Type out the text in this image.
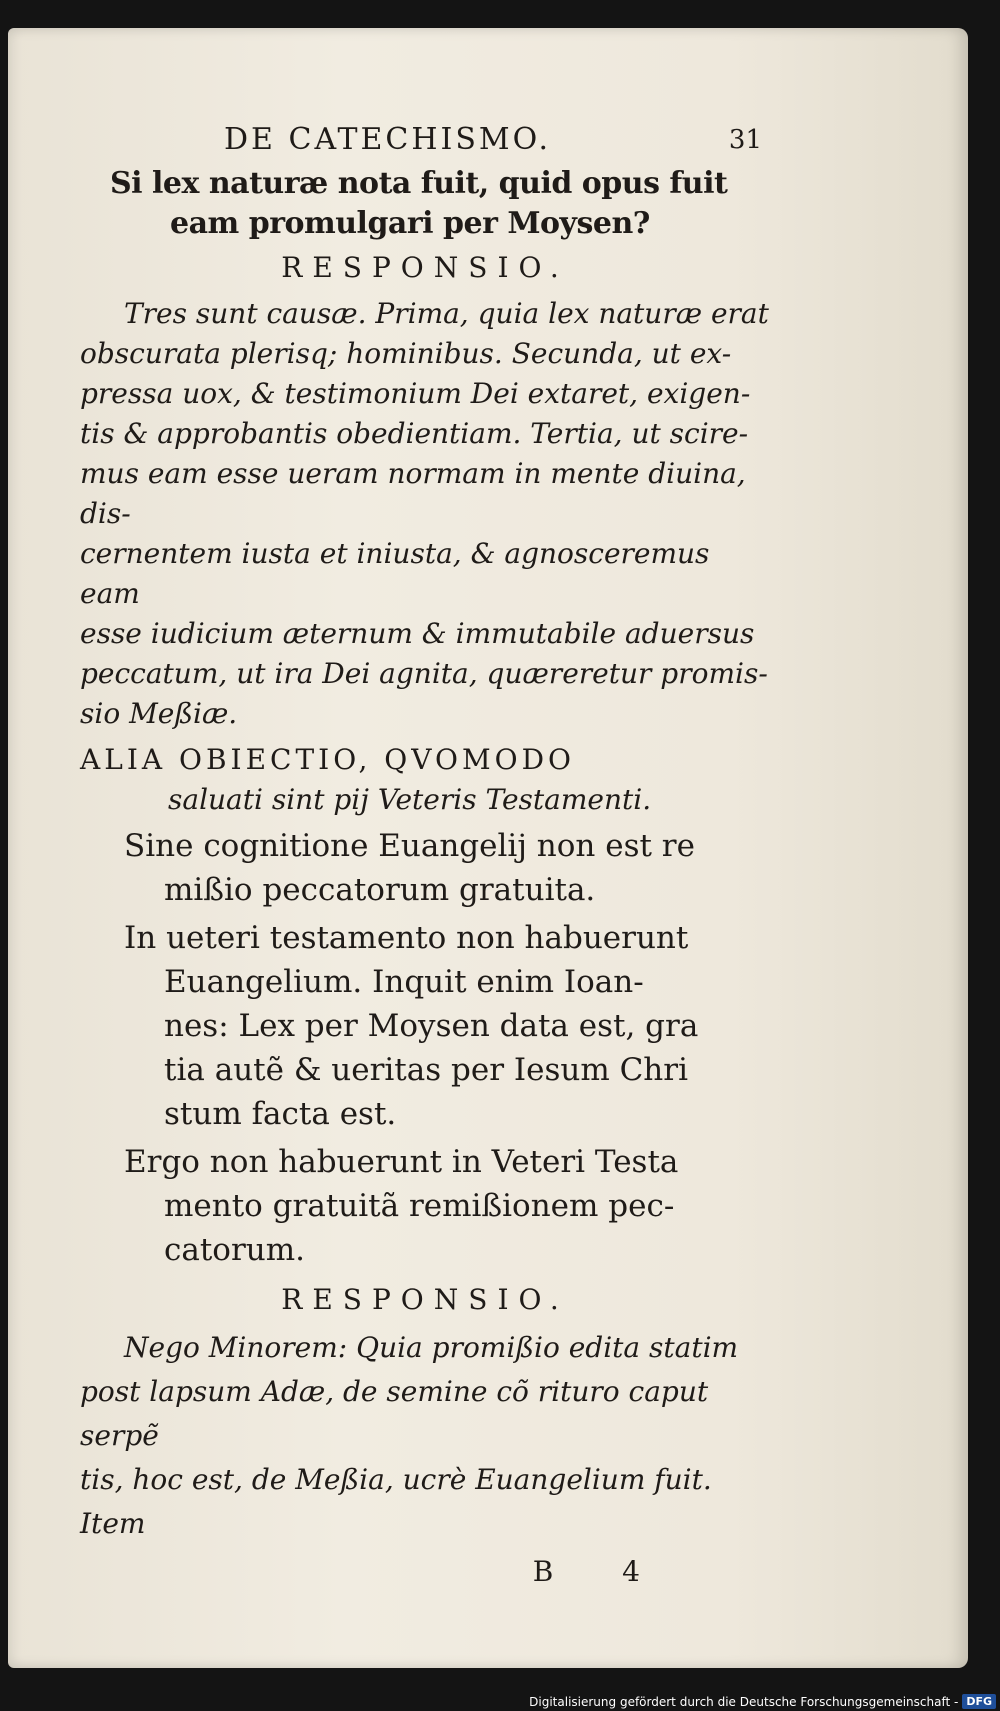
DE CATECHISMO.	31
Si lex naturæ nota fuit, quid opus fuit
eam promulgari per Moysen?
RESPONSIO.
Tres sunt causæ. Prima, quia lex naturæ erat
obscurata plerisq; hominibus. Secunda, ut ex-
pressa uox, & testimonium Dei extaret, exigen-
tis & approbantis obedientiam. Tertia, ut scire-
mus eam esse ueram normam in mente diuina, dis-
cernentem iusta et iniusta, & agnosceremus eam
esse iudicium æternum & immutabile aduersus
peccatum, ut ira Dei agnita, quæreretur promis-
sio Meßiæ.
ALIA OBIECTIO, QVOMODO
saluati sint pij Veteris Testamenti.
Sine cognitione Euangelij non est re
mißio peccatorum gratuita.
In ueteri testamento non habuerunt
Euangelium. Inquit enim Ioan-
nes: Lex per Moysen data est, gra
tia autẽ & ueritas per Iesum Chri
stum facta est.
Ergo non habuerunt in Veteri Testa
mento gratuitã remißionem pec-
catorum.
RESPONSIO.
Nego Minorem: Quia promißio edita statim
post lapsum Adæ, de semine cõ riturо caput serpẽ
tis, hoc est, de Meßia, ucrè Euangelium fuit. Item
B 4
Digitalisierung gefördert durch die Deutsche Forschungsgemeinschaft - DFG
